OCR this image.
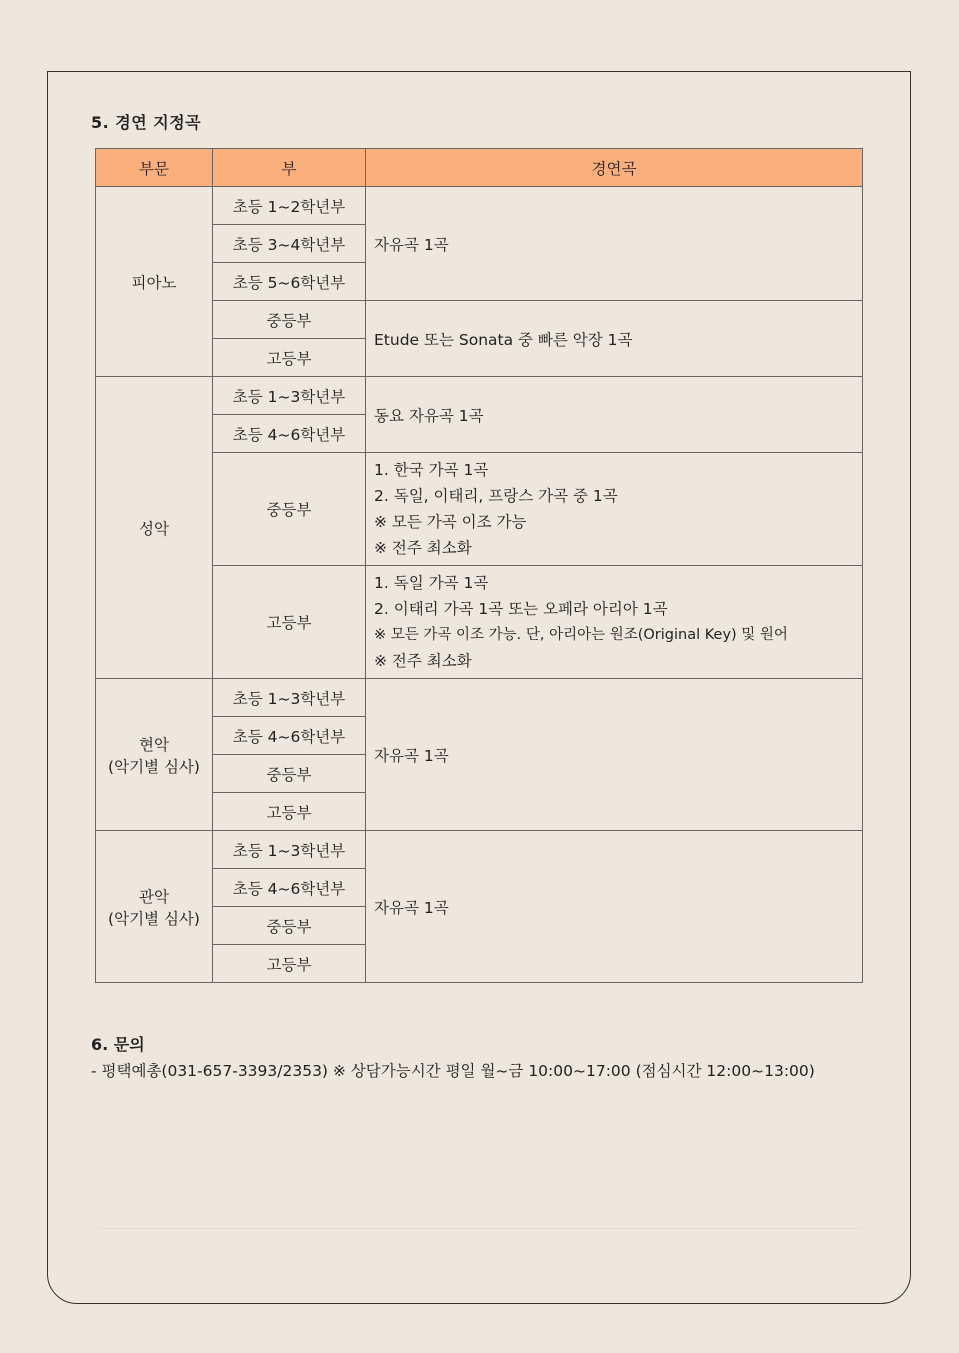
5. 경연 지정곡
부문	부	경연곡
피아노	초등 1~2학년부	자유곡 1곡
	초등 3~4학년부	
	초등 5~6학년부	
	중등부	Etude 또는 Sonata 중 빠른 악장 1곡
	고등부	
성악	초등 1~3학년부	동요 자유곡 1곡
	초등 4~6학년부	
	중등부	1. 한국 가곡 1곡
2. 독일, 이태리, 프랑스 가곡 중 1곡
※ 모든 가곡 이조 가능
※ 전주 최소화

	고등부	1. 독일 가곡 1곡
2. 이태리 가곡 1곡 또는 오페라 아리아 1곡
※ 모든 가곡 이조 가능. 단, 아리아는 원조(Original Key) 및 원어
※ 전주 최소화

현악
(악기별 심사)	초등 1~3학년부	자유곡 1곡
	초등 4~6학년부	
	중등부	
	고등부	

관악
(악기별 심사)	초등 1~3학년부	자유곡 1곡
	초등 4~6학년부	
	중등부	
	고등부	
6. 문의
- 평택예총(031-657-3393/2353) ※ 상담가능시간 평일 월~금 10:00~17:00 (점심시간 12:00~13:00)
